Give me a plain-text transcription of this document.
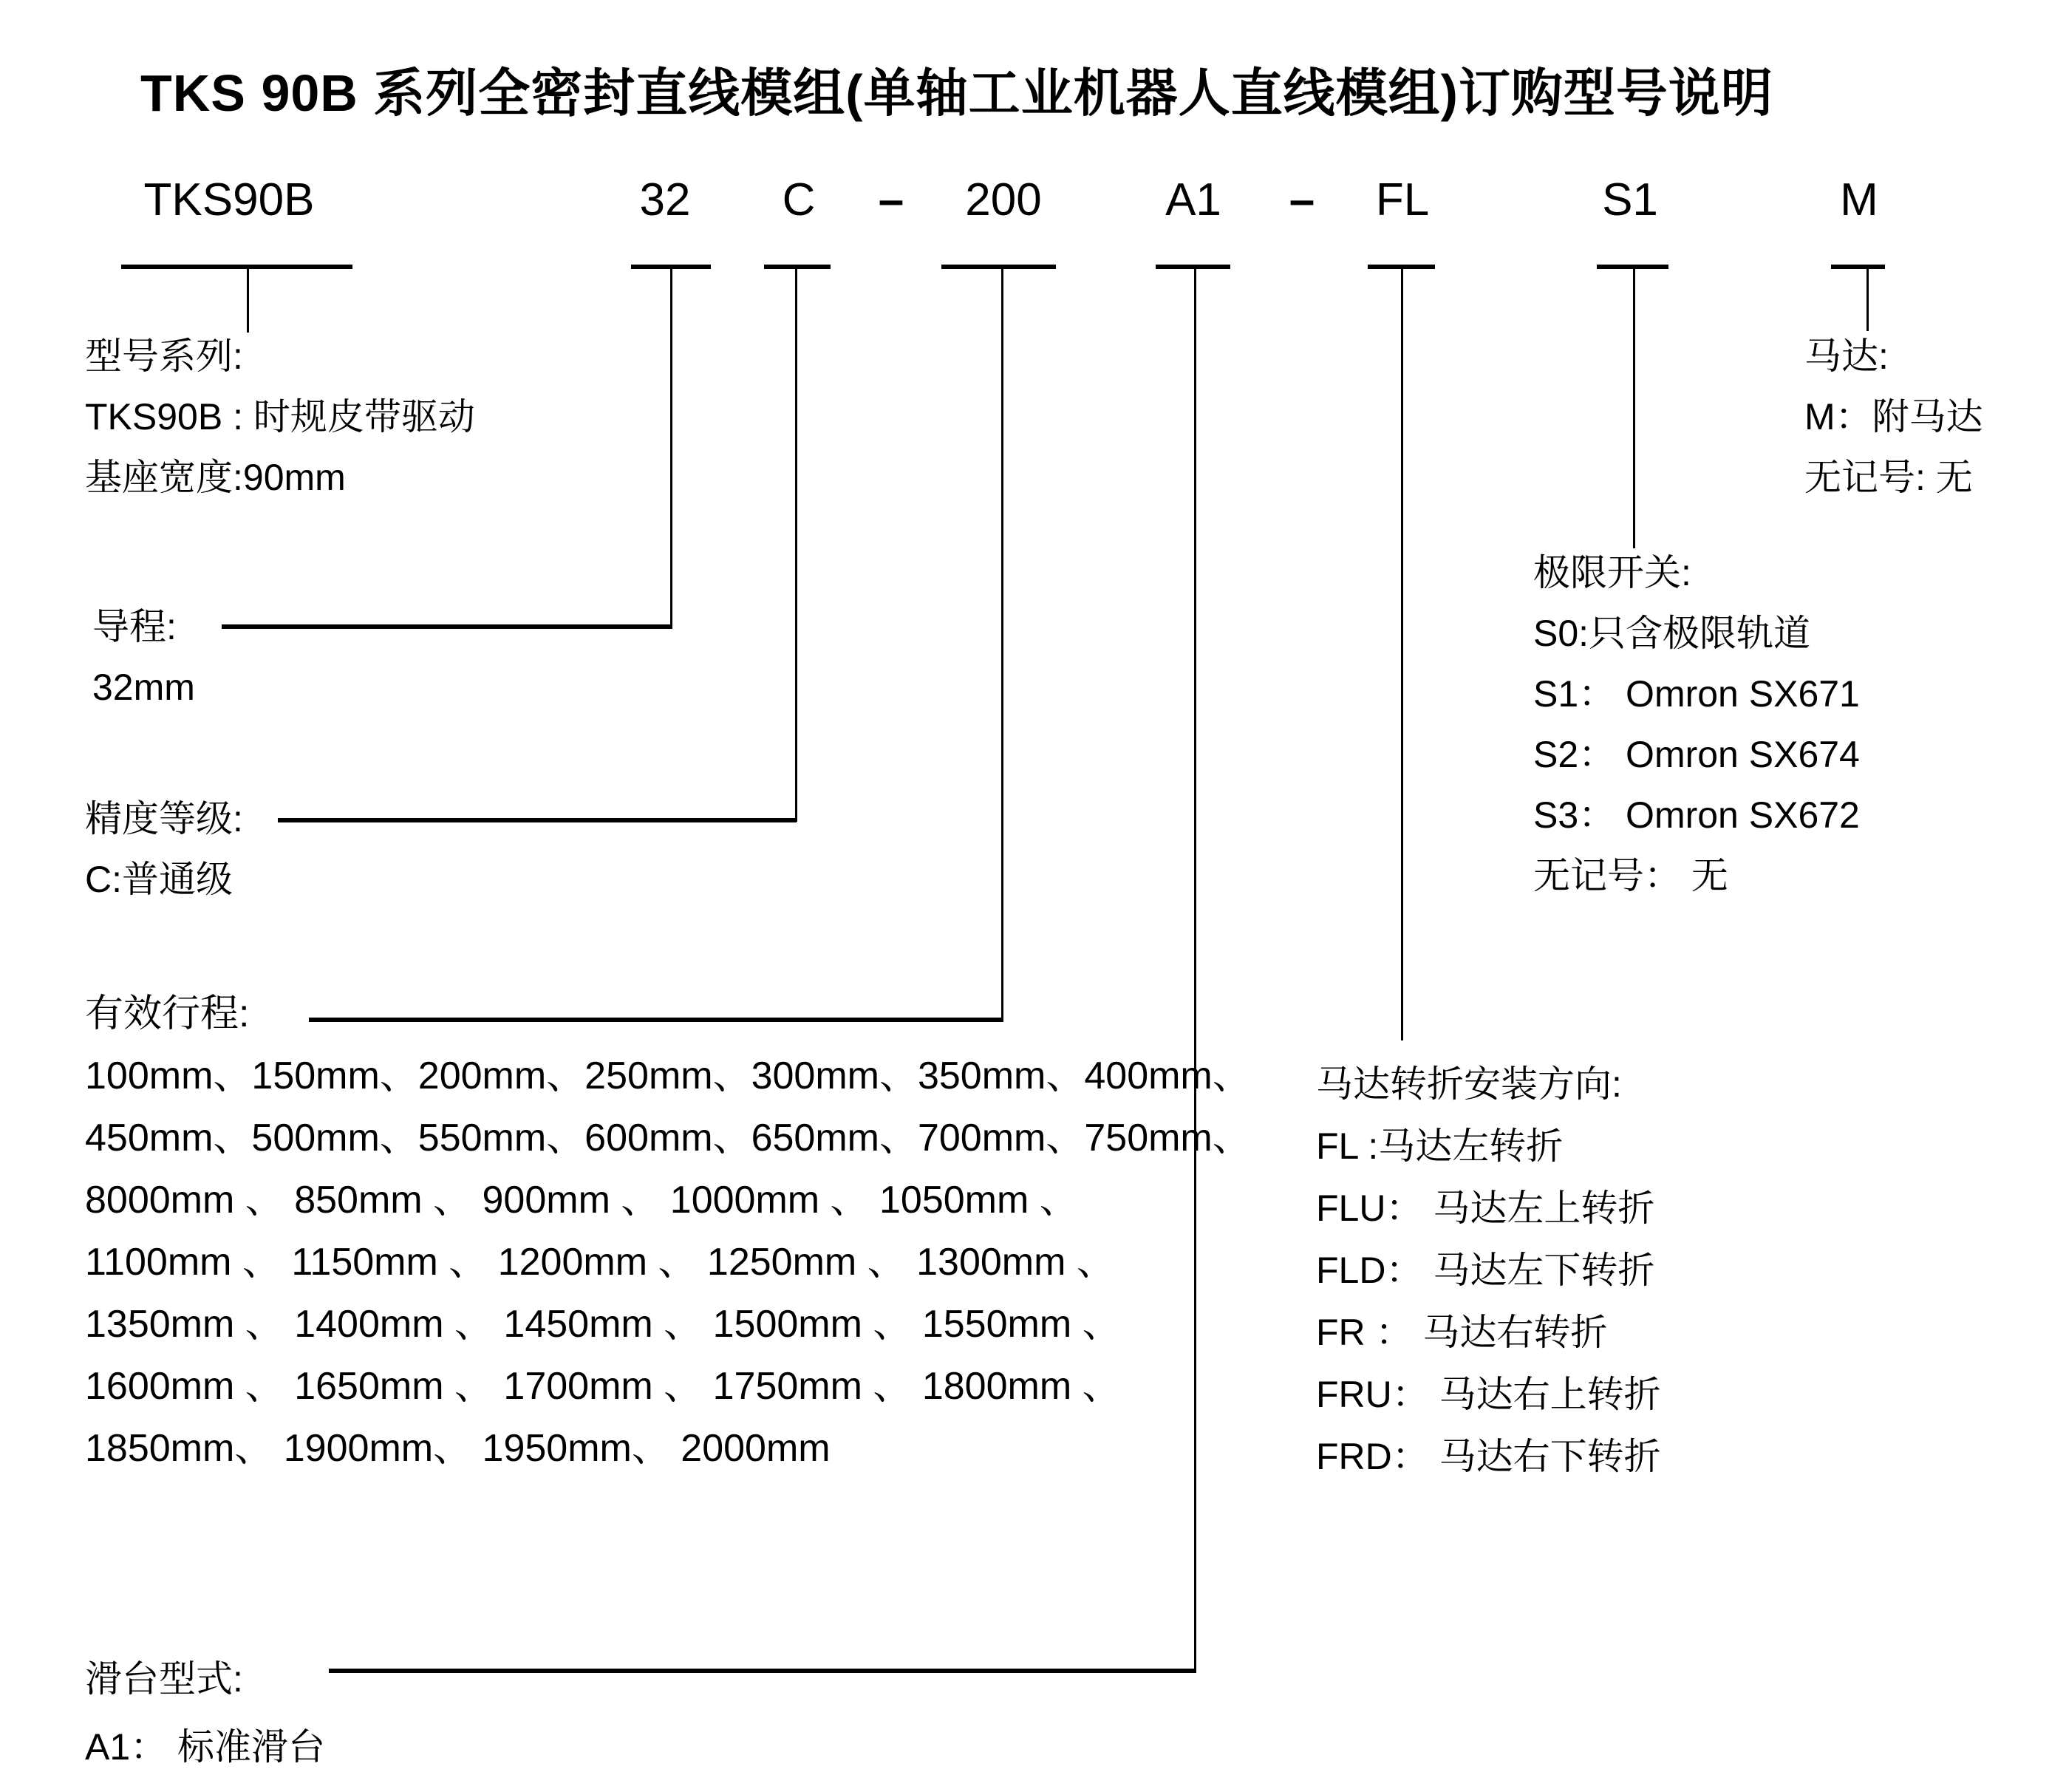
TKS 90B 系列全密封直线模组(单轴工业机器人直线模组)订购型号说明
TKS90B	32 C – 200	A1 – FL	S1	M
型号系列:
TKS90B : 时规皮带驱动
基座宽度:90mm
导程:
32mm
精度等级:
C:普通级
有效行程:
100mm、150mm、200mm、250mm、300mm、350mm、400mm、
450mm、500mm、550mm、600mm、650mm、700mm、750mm、
8000mm 、 850mm 、 900mm 、 1000mm 、 1050mm 、
1100mm 、 1150mm 、 1200mm 、 1250mm 、 1300mm 、
1350mm 、 1400mm 、 1450mm 、 1500mm 、 1550mm 、
1600mm 、 1650mm 、 1700mm 、 1750mm 、 1800mm 、
1850mm、 1900mm、 1950mm、 2000mm
滑台型式:
A1： 标准滑台
马达转折安装方向:
FL :马达左转折
FLU： 马达左上转折
FLD： 马达左下转折
FR ： 马达右转折
FRU： 马达右上转折
FRD： 马达右下转折
极限开关:
S0:只含极限轨道
S1： Omron SX671
S2： Omron SX674
S3： Omron SX672
无记号： 无
马达:
M：附马达
无记号: 无
